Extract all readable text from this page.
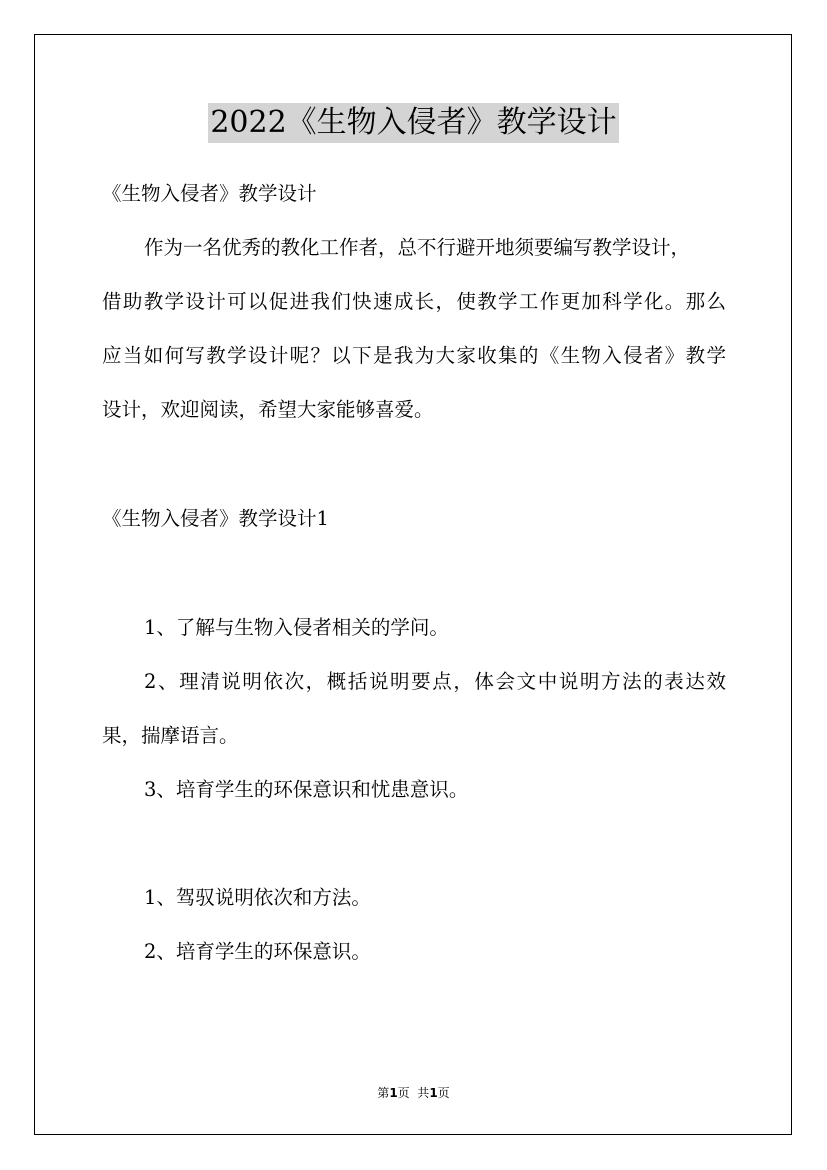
2022《生物入侵者》教学设计
《生物入侵者》教学设计
作为一名优秀的教化工作者，总不行避开地须要编写教学设计，
借助教学设计可以促进我们快速成长，使教学工作更加科学化。那么
应当如何写教学设计呢？以下是我为大家收集的《生物入侵者》教学
设计，欢迎阅读，希望大家能够喜爱。
《生物入侵者》教学设计1
1、了解与生物入侵者相关的学问。
2、理清说明依次，概括说明要点，体会文中说明方法的表达效
果，揣摩语言。
3、培育学生的环保意识和忧患意识。
1、驾驭说明依次和方法。
2、培育学生的环保意识。
第1页  共1页
